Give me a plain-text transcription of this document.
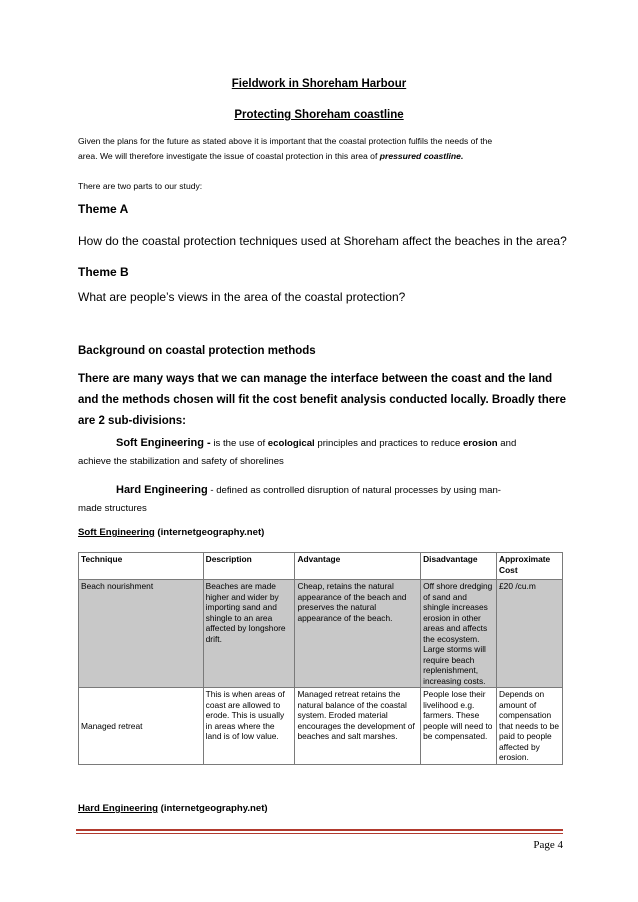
Fieldwork in Shoreham Harbour
Protecting Shoreham coastline
Given the plans for the future as stated above it is important that the coastal protection fulfils the needs of the
area. We will therefore investigate the issue of coastal protection in this area of pressured coastline.
There are two parts to our study:
Theme A
How do the coastal protection techniques used at Shoreham affect the beaches in the area?
Theme B
What are people’s views in the area of the coastal protection?
Background on coastal protection methods
There are many ways that we can manage the interface between the coast and the land
and the methods chosen will fit the cost benefit analysis conducted locally. Broadly there
are 2 sub-divisions:
Soft Engineering - is the use of ecological principles and practices to reduce erosion and
achieve the stabilization and safety of shorelines
Hard Engineering - defined as controlled disruption of natural processes by using man-
made structures
Soft Engineering (internetgeography.net)
Technique	Description	Advantage	Disadvantage	Approximate Cost
Beach nourishment	Beaches are made higher and wider by importing sand and shingle to an area affected by longshore drift.	Cheap, retains the natural appearance of the beach and preserves the natural appearance of the beach.	Off shore dredging of sand and shingle increases erosion in other areas and affects the ecosystem. Large storms will require beach replenishment, increasing costs.	£20 /cu.m
Managed retreat	This is when areas of coast are allowed to erode. This is usually in areas where the land is of low value.	Managed retreat retains the natural balance of the coastal system. Eroded material encourages the development of beaches and salt marshes.	People lose their livelihood e.g. farmers. These people will need to be compensated.	Depends on amount of compensation that needs to be paid to people affected by erosion.
Hard Engineering (internetgeography.net)
Page 4
